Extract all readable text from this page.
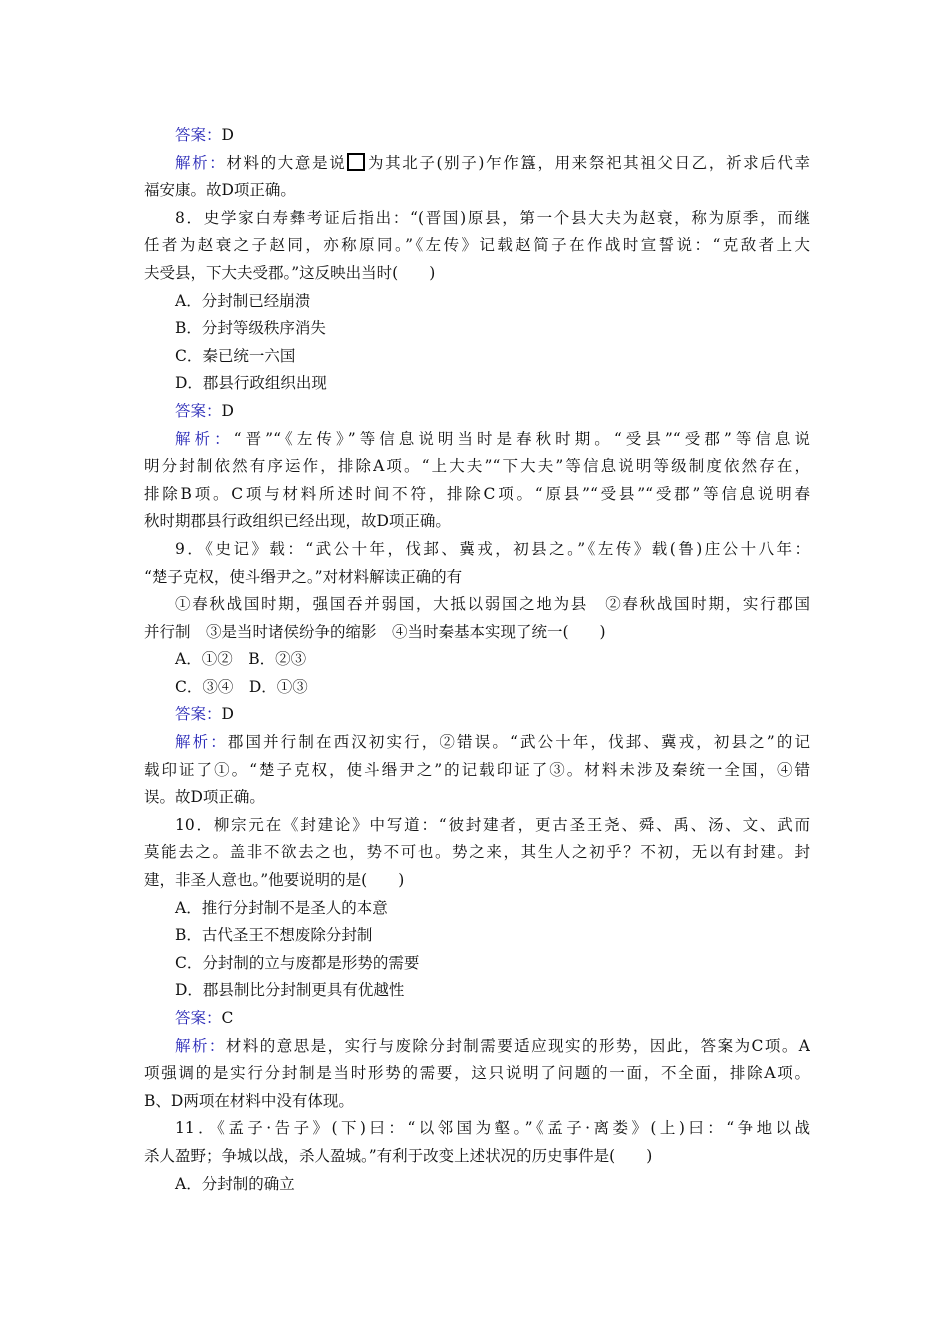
答案：D
解析：材料的大意是说 为其北子(别子)乍作簋，用来祭祀其祖父日乙，祈求后代幸
福安康。故D项正确。
8．史学家白寿彝考证后指出：“(晋国)原县，第一个县大夫为赵衰，称为原季，而继
任者为赵衰之子赵同，亦称原同。”《左传》记载赵简子在作战时宣誓说：“克敌者上大
夫受县，下大夫受郡。”这反映出当时(　　)
A．分封制已经崩溃
B．分封等级秩序消失
C．秦已统一六国
D．郡县行政组织出现
答案：D
解析：“晋”“《左传》”等信息说明当时是春秋时期。“受县”“受郡”等信息说
明分封制依然有序运作，排除A项。“上大夫”“下大夫”等信息说明等级制度依然存在，
排除B项。C项与材料所述时间不符，排除C项。“原县”“受县”“受郡”等信息说明春
秋时期郡县行政组织已经出现，故D项正确。
9．《史记》载：“武公十年，伐邽、冀戎，初县之。”《左传》载(鲁)庄公十八年：
“楚子克权，使斗缗尹之。”对材料解读正确的有
①春秋战国时期，强国吞并弱国，大抵以弱国之地为县　②春秋战国时期，实行郡国
并行制　③是当时诸侯纷争的缩影　④当时秦基本实现了统一(　　)
A．①②　B．②③
C．③④　D．①③
答案：D
解析：郡国并行制在西汉初实行，②错误。“武公十年，伐邽、冀戎，初县之”的记
载印证了①。“楚子克权，使斗缗尹之”的记载印证了③。材料未涉及秦统一全国，④错
误。故D项正确。
10．柳宗元在《封建论》中写道：“彼封建者，更古圣王尧、舜、禹、汤、文、武而
莫能去之。盖非不欲去之也，势不可也。势之来，其生人之初乎？不初，无以有封建。封
建，非圣人意也。”他要说明的是(　　)
A．推行分封制不是圣人的本意
B．古代圣王不想废除分封制
C．分封制的立与废都是形势的需要
D．郡县制比分封制更具有优越性
答案：C
解析：材料的意思是，实行与废除分封制需要适应现实的形势，因此，答案为C项。A
项强调的是实行分封制是当时形势的需要，这只说明了问题的一面，不全面，排除A项。
B、D两项在材料中没有体现。
11．《孟子·告子》(下)曰：“以邻国为壑。”《孟子·离娄》(上)曰：“争地以战
杀人盈野；争城以战，杀人盈城。”有利于改变上述状况的历史事件是(　　)
A．分封制的确立
